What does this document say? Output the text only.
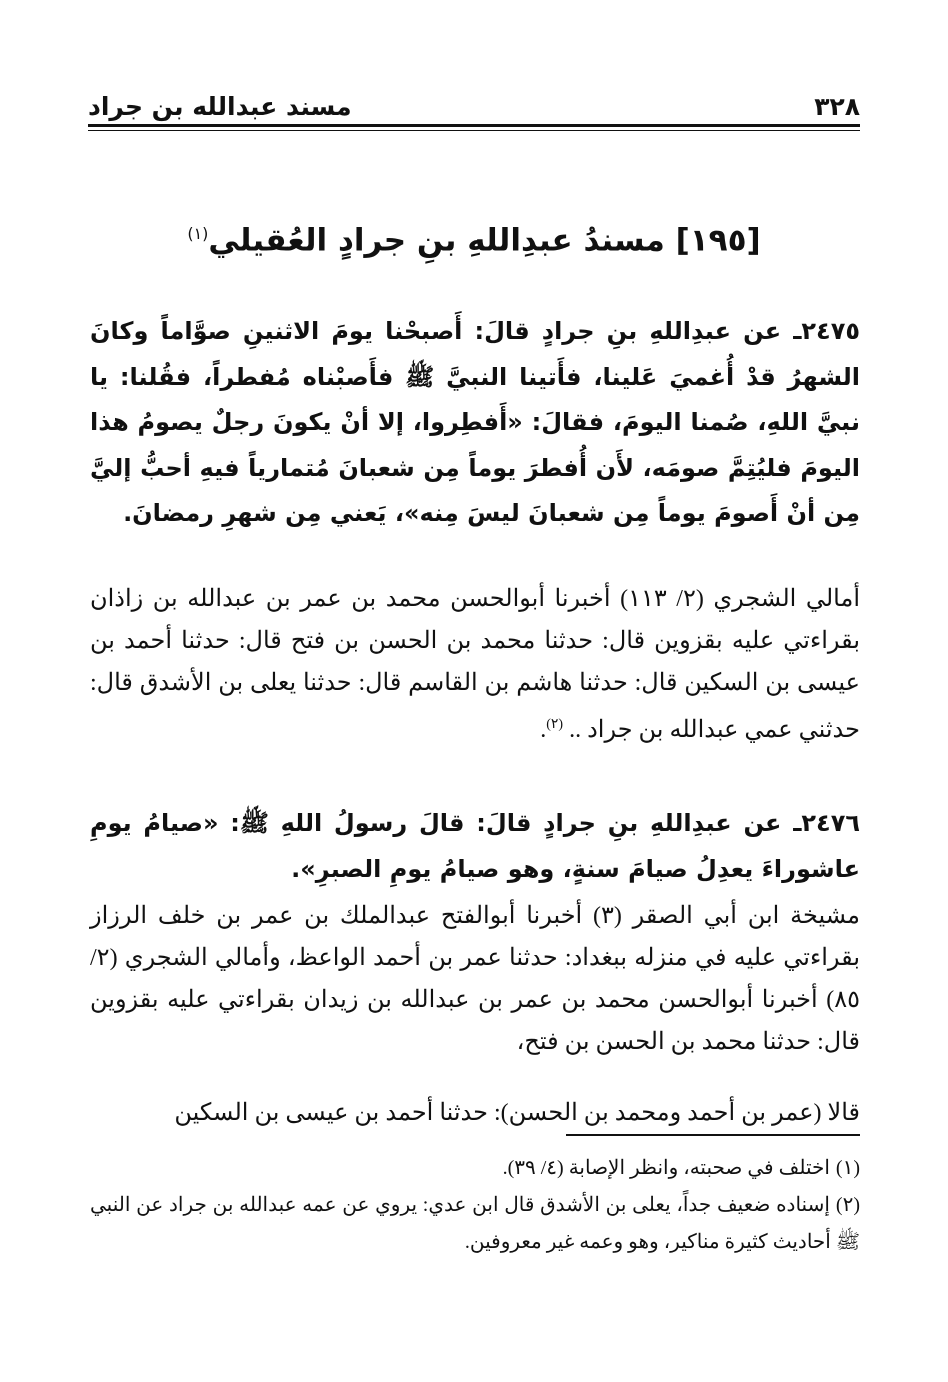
٣٢٨
مسند عبدالله بن جراد
[١٩٥] مسندُ عبدِاللهِ بنِ جرادٍ العُقيلي$^{(١)}$

٢٤٧٥ـ عن عبدِاللهِ بنِ جرادٍ قالَ: أَصبحْنا يومَ الاثنينِ صوَّاماً وكانَ الشهرُ قدْ أُغميَ عَلينا، فأَتينا النبيَّ ﷺ فأَصبْناه مُفطراً، فقُلنا: يا نبيَّ اللهِ، صُمنا اليومَ، فقالَ: «أَفطِروا، إلا أنْ يكونَ رجلٌ يصومُ هذا اليومَ فليُتِمَّ صومَه، لأَن أُفطرَ يوماً مِن شعبانَ مُتمارياً فيهِ أحبُّ إليَّ مِن أنْ أَصومَ يوماً مِن شعبانَ ليسَ مِنه»، يَعني مِن شهرِ رمضانَ.

أمالي الشجري (٢/ ١١٣) أخبرنا أبوالحسن محمد بن عمر بن عبدالله بن زاذان بقراءتي عليه بقزوين قال: حدثنا محمد بن الحسن بن فتح قال: حدثنا أحمد بن عيسى بن السكين قال: حدثنا هاشم بن القاسم قال: حدثنا يعلى بن الأشدق قال: حدثني عمي عبدالله بن جراد .. $^{(٢)}$.

٢٤٧٦ـ عن عبدِاللهِ بنِ جرادٍ قالَ: قالَ رسولُ اللهِ ﷺ: «صيامُ يومِ عاشوراءَ يعدِلُ صيامَ سنةٍ، وهو صيامُ يومِ الصبرِ».

مشيخة ابن أبي الصقر (٣) أخبرنا أبوالفتح عبدالملك بن عمر بن خلف الرزاز بقراءتي عليه في منزله ببغداد: حدثنا عمر بن أحمد الواعظ، وأمالي الشجري (٢/ ٨٥) أخبرنا أبوالحسن محمد بن عمر بن عبدالله بن زيدان بقراءتي عليه بقزوين قال: حدثنا محمد بن الحسن بن فتح،

قالا (عمر بن أحمد ومحمد بن الحسن): حدثنا أحمد بن عيسى بن السكين

(١)اختلف في صحبته، وانظر الإصابة (٤/ ٣٩).
(٢)إسناده ضعيف جداً، يعلى بن الأشدق قال ابن عدي: يروي عن عمه عبدالله بن جراد عن النبي ﷺ أحاديث كثيرة مناكير، وهو وعمه غير معروفين.
